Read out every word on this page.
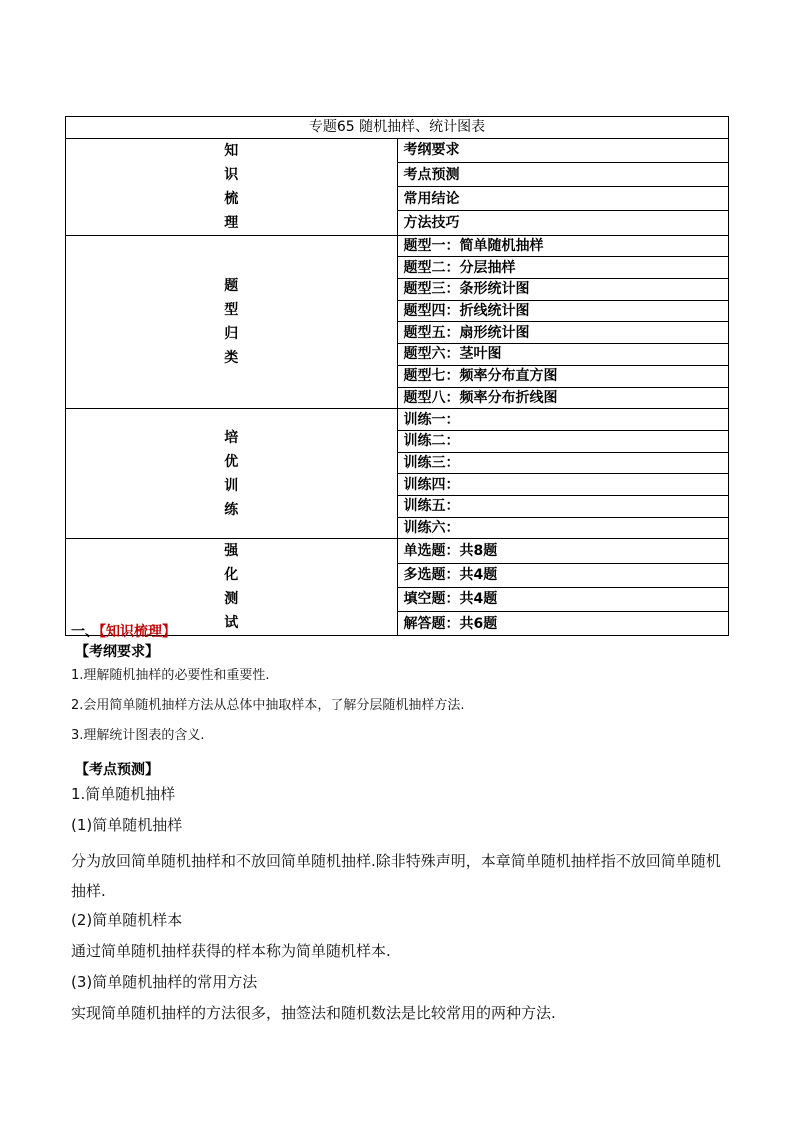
专题65 随机抽样、统计图表	

知
识
梳
理	考纲要求
	考点预测
	常用结论
	方法技巧

题
型
归
类	题型一：简单随机抽样
	题型二：分层抽样
	题型三：条形统计图
	题型四：折线统计图
	题型五：扇形统计图
	题型六：茎叶图
	题型七：频率分布直方图
	题型八：频率分布折线图

培
优
训
练	训练一：
	训练二：
	训练三：
	训练四：
	训练五：
	训练六：

强
化
测
试	单选题：共8题
	多选题：共4题
	填空题：共4题
	解答题：共6题

一、【知识梳理】

【考纲要求】

1.理解随机抽样的必要性和重要性.

2.会用简单随机抽样方法从总体中抽取样本，了解分层随机抽样方法.

3.理解统计图表的含义.

【考点预测】

1.简单随机抽样

(1)简单随机抽样

分为放回简单随机抽样和不放回简单随机抽样.除非特殊声明，本章简单随机抽样指不放回简单随机抽样.

(2)简单随机样本

通过简单随机抽样获得的样本称为简单随机样本.

(3)简单随机抽样的常用方法

实现简单随机抽样的方法很多，抽签法和随机数法是比较常用的两种方法.
